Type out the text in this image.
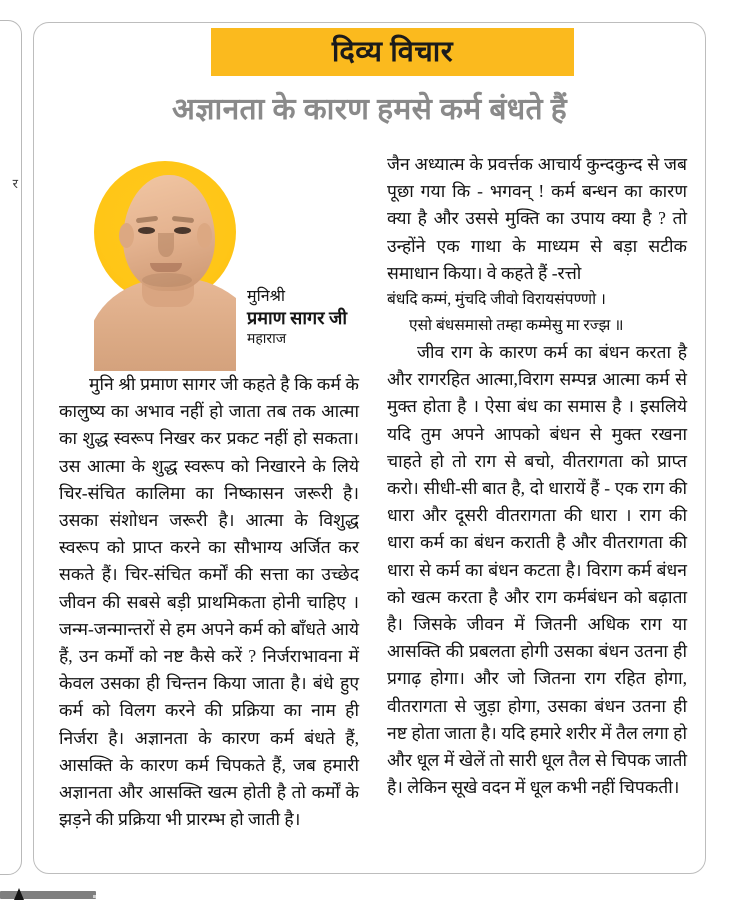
र
दिव्य विचार
अज्ञानता के कारण हमसे कर्म बंधते हैं
मुनिश्री
प्रमाण सागर जी
महाराज

मुनि श्री प्रमाण सागर जी कहते है कि कर्म के कालुष्य का अभाव नहीं हो जाता तब तक आत्मा का शुद्ध स्वरूप निखर कर प्रकट नहीं हो सकता। उस आत्मा के शुद्ध स्वरूप को निखारने के लिये चिर-संचित कालिमा का निष्कासन जरूरी है। उसका संशोधन जरूरी है। आत्मा के विशुद्ध स्वरूप को प्राप्त करने का सौभाग्य अर्जित कर सकते हैं। चिर-संचित कर्मों की सत्ता का उच्छेद जीवन की सबसे बड़ी प्राथमिकता होनी चाहिए । जन्म-जन्मान्तरों से हम अपने कर्म को बाँधते आये हैं, उन कर्मों को नष्ट कैसे करें ? निर्जराभावना में केवल उसका ही चिन्तन किया जाता है। बंधे हुए कर्म को विलग करने की प्रक्रिया का नाम ही निर्जरा है। अज्ञानता के कारण कर्म बंधते हैं, आसक्ति के कारण कर्म चिपकते हैं, जब हमारी अज्ञानता और आसक्ति खत्म होती है तो कर्मों के झड़ने की प्रक्रिया भी प्रारम्भ हो जाती है।

जैन अध्यात्म के प्रवर्त्तक आचार्य कुन्दकुन्द से जब पूछा गया कि - भगवन् ! कर्म बन्धन का कारण क्या है और उससे मुक्ति का उपाय क्या है ? तो उन्होंने एक गाथा के माध्यम से बड़ा सटीक समाधान किया। वे कहते हैं -रत्तो

बंधदि कम्मं, मुंचदि जीवो विरायसंपण्णो ।

एसो बंधसमासो तम्हा कम्मेसु मा रज्झ ॥

जीव राग के कारण कर्म का बंधन करता है और रागरहित आत्मा,विराग सम्पन्न आत्मा कर्म से मुक्त होता है । ऐसा बंध का समास है । इसलिये यदि तुम अपने आपको बंधन से मुक्त रखना चाहते हो तो राग से बचो, वीतरागता को प्राप्त करो। सीधी-सी बात है, दो धारायें हैं - एक राग की धारा और दूसरी वीतरागता की धारा । राग की धारा कर्म का बंधन कराती है और वीतरागता की धारा से कर्म का बंधन कटता है। विराग कर्म बंधन को खत्म करता है और राग कर्मबंधन को बढ़ाता है। जिसके जीवन में जितनी अधिक राग या आसक्ति की प्रबलता होगी उसका बंधन उतना ही प्रगाढ़ होगा। और जो जितना राग रहित होगा, वीतरागता से जुड़ा होगा, उसका बंधन उतना ही नष्ट होता जाता है। यदि हमारे शरीर में तैल लगा हो और धूल में खेलें तो सारी धूल तैल से चिपक जाती है। लेकिन सूखे वदन में धूल कभी नहीं चिपकती।
